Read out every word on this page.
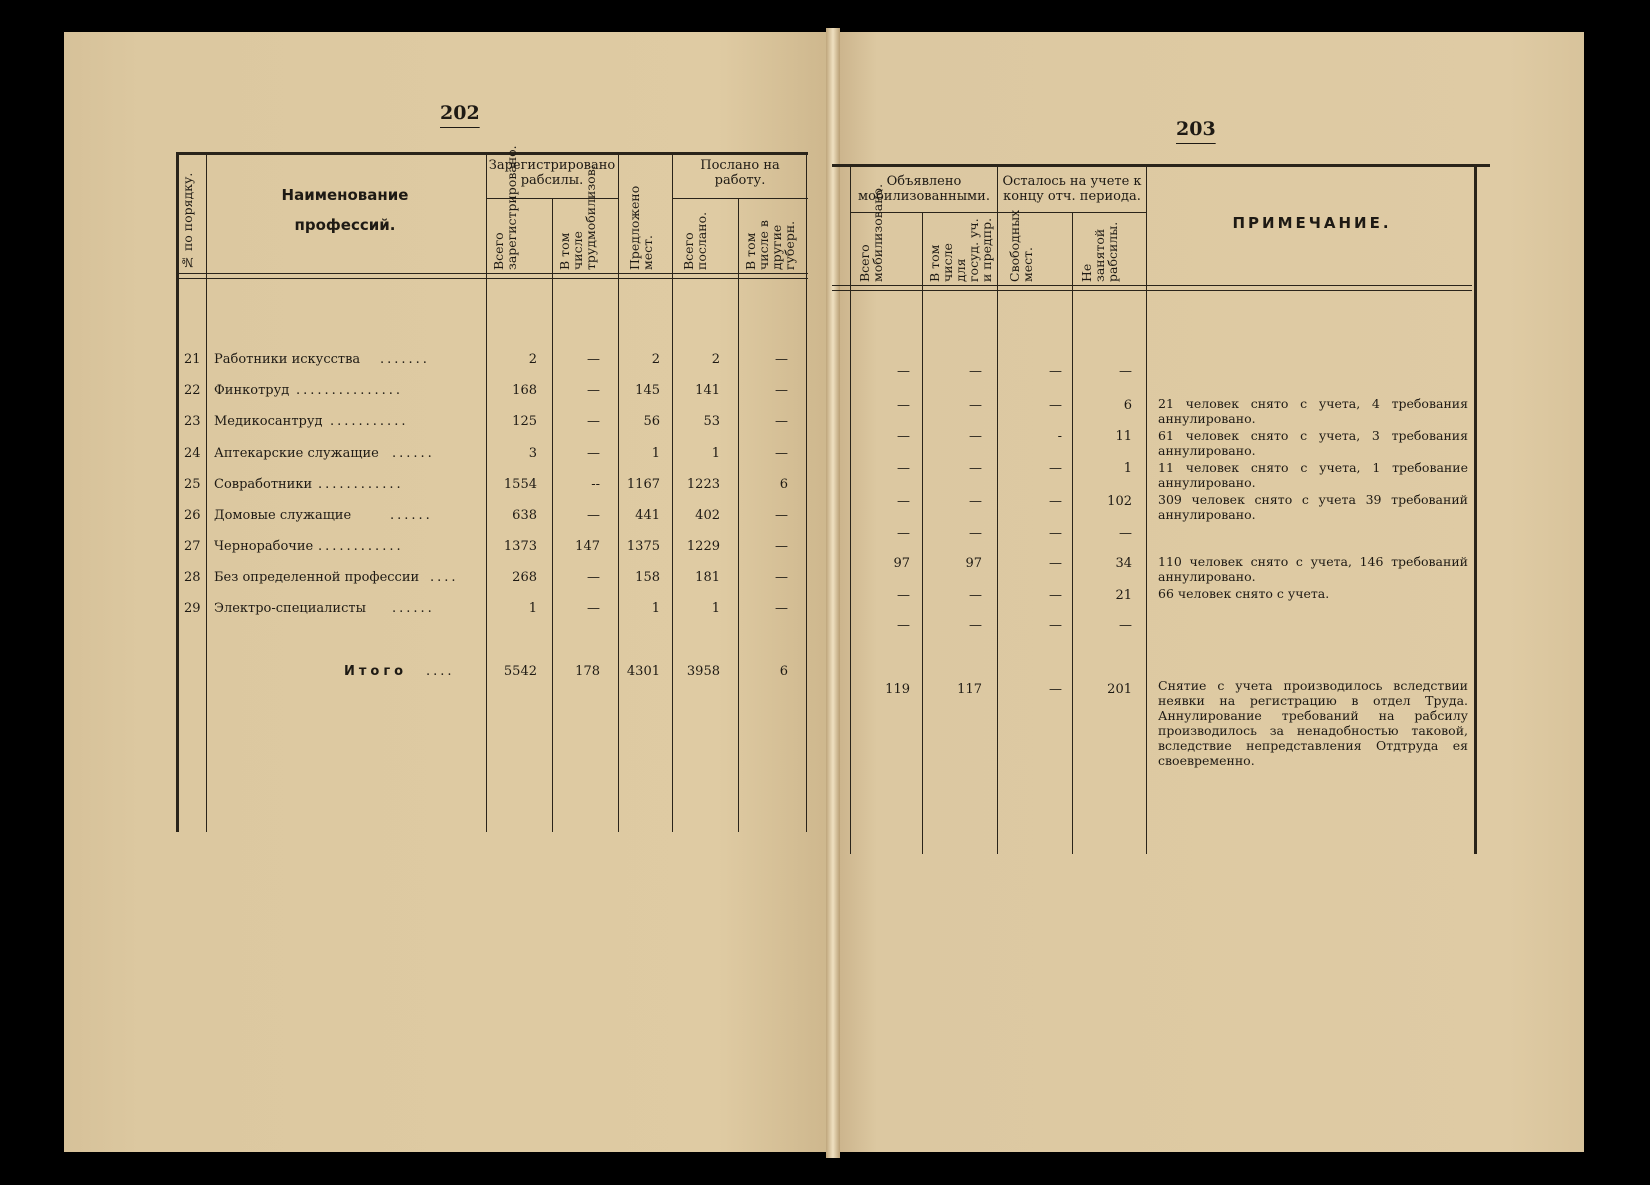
202
203
№ по порядку.	Наименование профессий.
Зарегистрировано рабсилы.
Всего зарегистрировано.	В том числе трудмобилизов.	Предложено мест.
Послано на работу.
Всего послано.	В том числе в другие губерн.
21 Работники искусства .......	2	—	2	2	—
22 Финкотруд ...............	168	—	145	141	—
23 Медикосантруд ...........	125	—	56	53	—
24 Аптекарские служащие ......	3	—	1	1	—
25 Совработники ............	1554	--	1167	1223	6
26 Домовые служащие	......	638	—	441	402	—
27 Чернорабочие ............	1373	147	1375	1229	—
28 Без определенной профессии ....	268	—	158	181	—
29 Электро-специалисты ......	1	—	1	1	—
Итого ....	5542	178	4301	3958	6
Объявлено мобилизованными.
Всего мобилизовано.	В том числе для госуд. уч. и предпр.
Осталось на учете к концу отч. периода.
Свободных мест.	Не занятой рабсилы.	ПРИМЕЧАНИЕ.
—	—	—	—
—	—	—	6 21 человек снято с учета, 4 требования аннулировано.
—	—	-	11 61 человек снято с учета, 3 требования аннулировано.
—	—	—	1 11 человек снято с учета, 1 требование аннулировано.
—	—	—	102 309 человек снято с учета 39 требований аннулировано.
—	—	—	—
97	97	—	34 110 человек снято с учета, 146 требований аннулировано.
—	—	—	21 66 человек снято с учета.
—	—	—	—
119	117	—	201 Снятие с учета производилось вследствии неявки на регистрацию в отдел Труда. Аннулирование требований на рабсилу производилось за ненадобностью таковой, вследствие непредставления Отдтруда ея своевременно.
